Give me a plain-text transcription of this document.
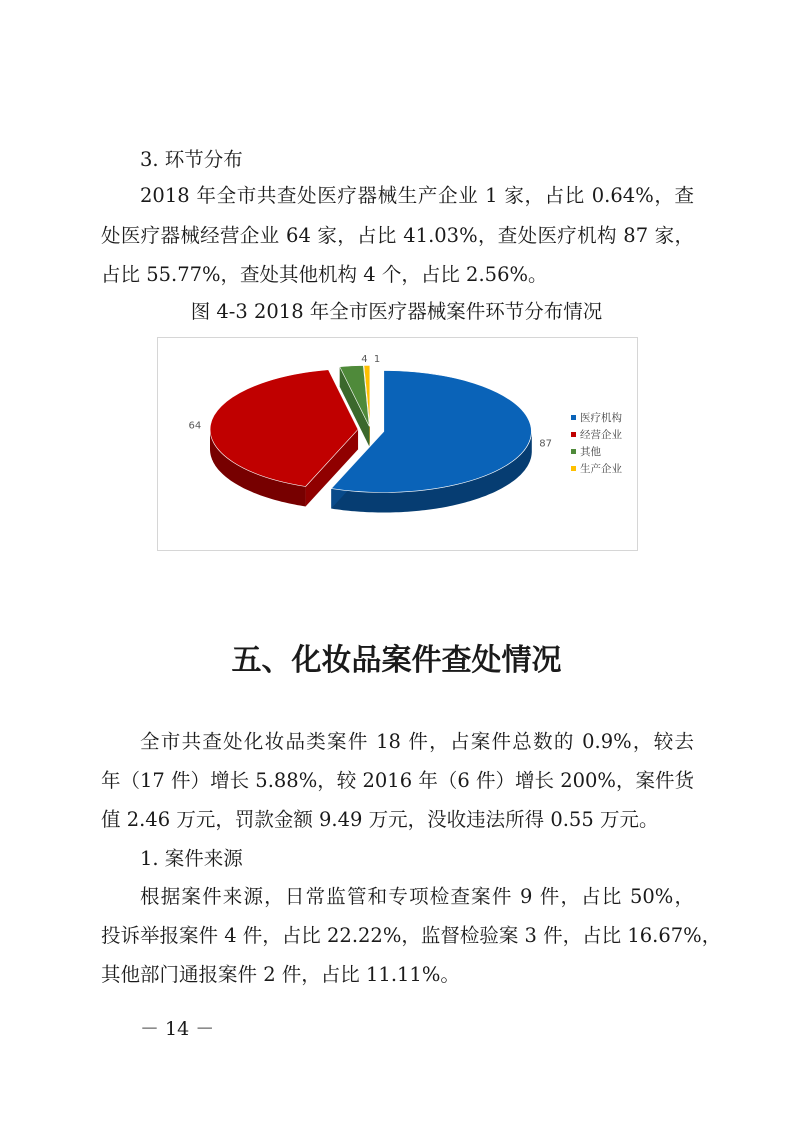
3. 环节分布
2018 年全市共查处医疗器械生产企业 1 家，占比 0.64%，查
处医疗器械经营企业 64 家，占比 41.03%，查处医疗机构 87 家，
占比 55.77%，查处其他机构 4 个，占比 2.56%。
图 4-3 2018 年全市医疗器械案件环节分布情况
87
64
4 1
医疗机构
经营企业
其他
生产企业
五、化妆品案件查处情况
全市共查处化妆品类案件 18 件，占案件总数的 0.9%，较去
年（17 件）增长 5.88%，较 2016 年（6 件）增长 200%，案件货
值 2.46 万元，罚款金额 9.49 万元，没收违法所得 0.55 万元。
1. 案件来源
根据案件来源，日常监管和专项检查案件 9 件，占比 50%，
投诉举报案件 4 件，占比 22.22%，监督检验案 3 件，占比 16.67%，
其他部门通报案件 2 件，占比 11.11%。
－ 14 －
